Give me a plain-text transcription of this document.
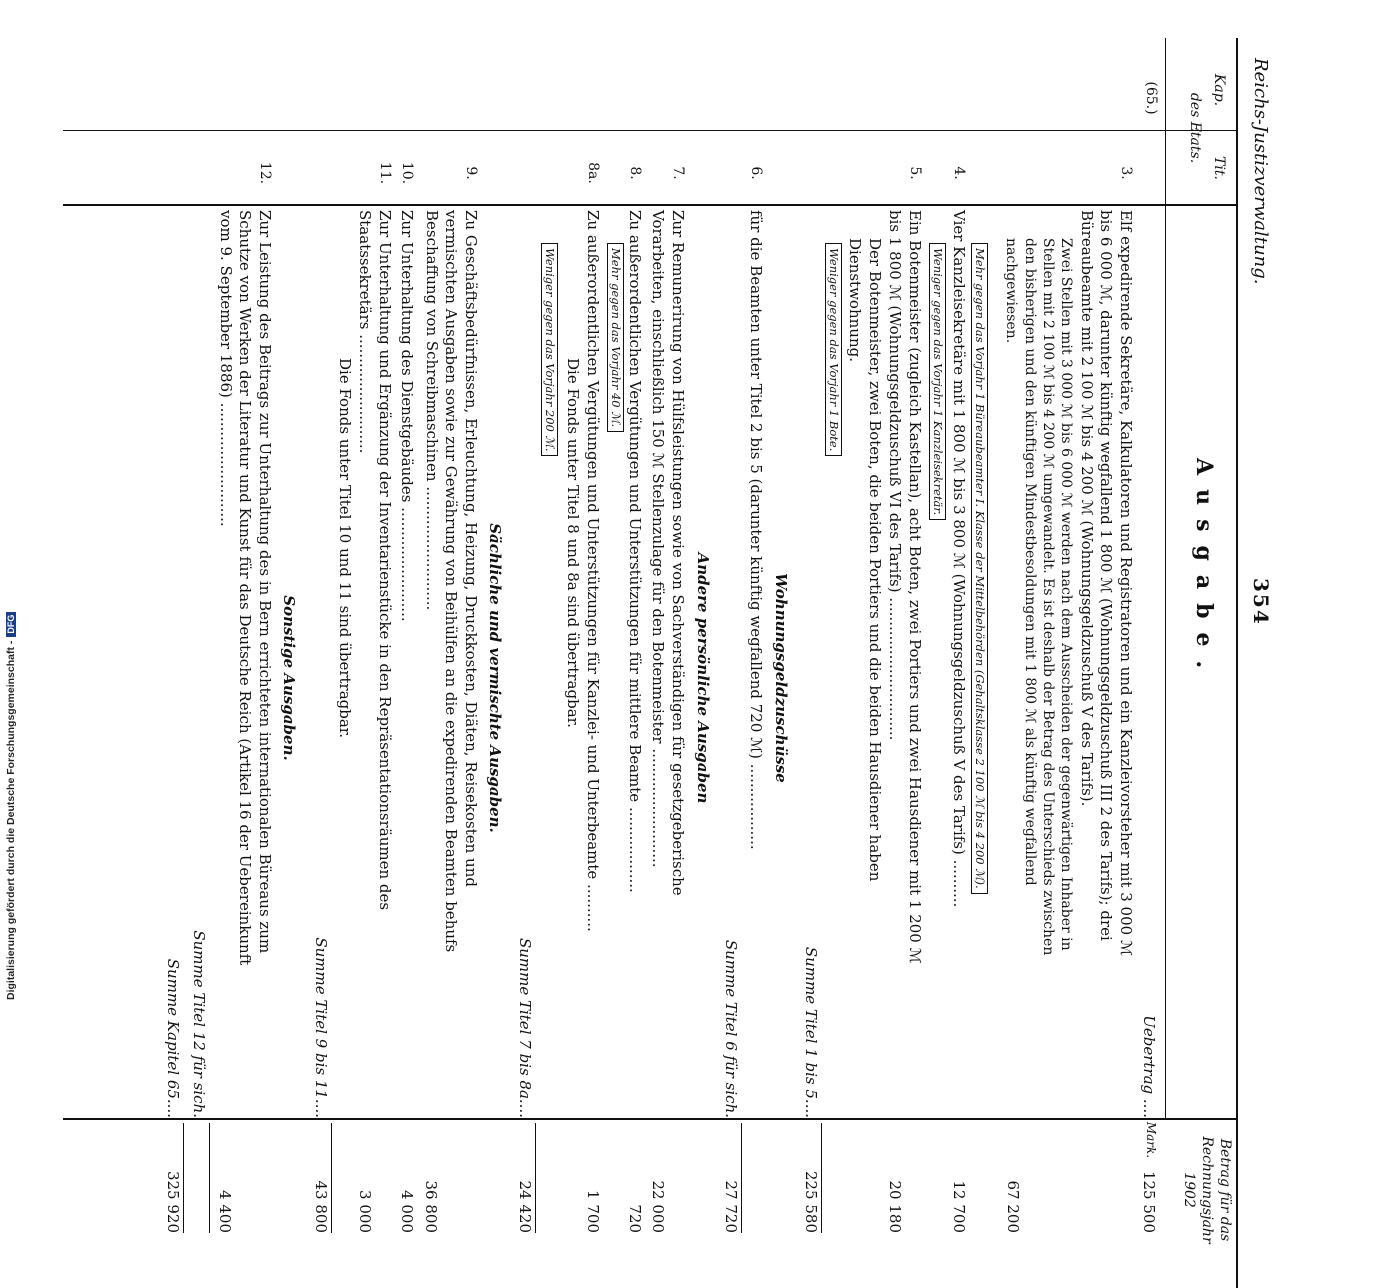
Digitalisierung gefördert durch die Deutsche Forschungsgemeinschaft -
DFG
Reichs-Justizverwaltung.
354
Kap.
Tit.
des Etats.
Ausgabe.
Betrag für das Rechnungsjahr 1902
Mark.
(65.)
Uebertrag ....
125 500
3.
Elf expedirende Sekretäre, Kalkulatoren und Registratoren und ein Kanzleivorsteher mit 3 000 ℳ bis 6 000 ℳ, darunter künftig wegfallend 1 800 ℳ (Wohnungsgeldzuschuß III 2 des Tarifs); drei Büreaubeamte mit 2 100 ℳ bis 4 200 ℳ (Wohnungsgeldzuschuß V des Tarifs).
Zwei Stellen mit 3 000 ℳ bis 6 000 ℳ werden nach dem Ausscheiden der gegenwärtigen Inhaber in Stellen mit 2 100 ℳ bis 4 200 ℳ umgewandelt. Es ist deshalb der Betrag des Unterschieds zwischen den bisherigen und den künftigen Mindestbesoldungen mit 1 800 ℳ als künftig wegfallend nachgewiesen.
67 200
Mehr gegen das Vorjahr 1 Büreaubeamter I. Klasse der Mittelbehörden (Gehaltsklasse 2 100 ℳ bis 4 200 ℳ).
4.
Vier Kanzleisekretäre mit 1 800 ℳ bis 3 800 ℳ (Wohnungsgeldzuschuß V des Tarifs) ..........
12 700
Weniger gegen das Vorjahr 1 Kanzleisekretär.
5.
Ein Botenmeister (zugleich Kastellan), acht Boten, zwei Portiers und zwei Hausdiener mit 1 200 ℳ bis 1 800 ℳ (Wohnungsgeldzuschuß VI des Tarifs) ..............................
20 180
Der Botenmeister, zwei Boten, die beiden Portiers und die beiden Hausdiener haben Dienstwohnung.
Weniger gegen das Vorjahr 1 Bote.
Summe Titel 1 bis 5....
225 580
Wohnungsgeldzuschüsse
6.
für die Beamten unter Titel 2 bis 5 (darunter künftig wegfallend 720 ℳ) ..................
Summe Titel 6 für sich.
27 720
Andere persönliche Ausgaben
7.
Zur Remunerirung von Hülfsleistungen sowie von Sachverständigen für gesetzgeberische Vorarbeiten, einschließlich 150 ℳ Stellenzulage für den Botenmeister .........................
22 000
8.
Zu außerordentlichen Vergütungen und Unterstützungen für mittlere Beamte ..................
720
Mehr gegen das Vorjahr 40 ℳ.
8a.
Zu außerordentlichen Vergütungen und Unterstützungen für Kanzlei- und Unterbeamte ..........
1 700
Die Fonds unter Titel 8 und 8a sind übertragbar.
Weniger gegen das Vorjahr 200 ℳ.
Summe Titel 7 bis 8a....
24 420
Sächliche und vermischte Ausgaben.
9.
Zu Geschäftsbedürfnissen, Erleuchtung, Heizung, Druckkosten, Diäten, Reisekosten und vermischten Ausgaben sowie zur Gewährung von Beihülfen an die expedirenden Beamten behufs Beschaffung von Schreibmaschinen ..........................
36 800
10.
Zur Unterhaltung des Dienstgebäudes ........................
4 000
11.
Zur Unterhaltung und Ergänzung der Inventarienstücke in den Repräsentationsräumen des Staatssekretärs .........................
3 000
Die Fonds unter Titel 10 und 11 sind übertragbar.
Summe Titel 9 bis 11....
43 800
Sonstige Ausgaben.
12.
Zur Leistung des Beitrags zur Unterhaltung des in Bern errichteten internationalen Büreaus zum Schutze von Werken der Literatur und Kunst für das Deutsche Reich (Artikel 16 der Uebereinkunft vom 9. September 1886) ..........................
4 400
Summe Titel 12 für sich.
Summe Kapitel 65....
325 920
